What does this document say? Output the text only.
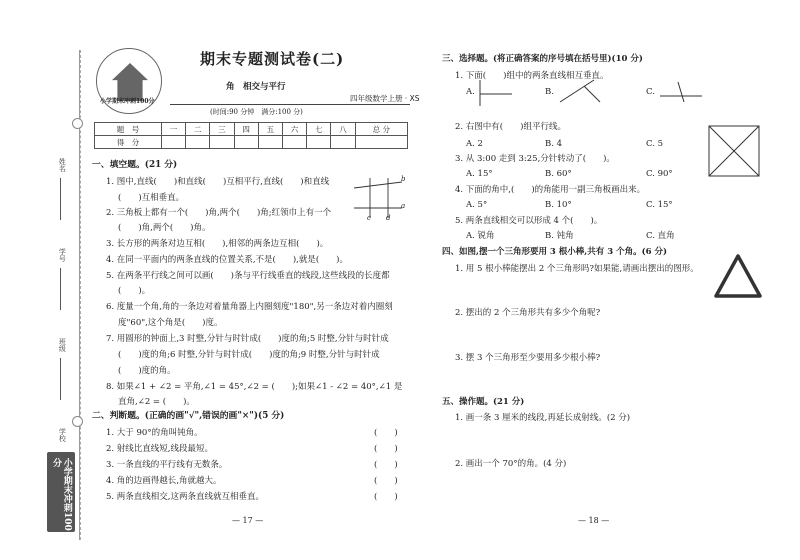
姓名
学号
班级
学校
小学期末冲刺100分
小学期末冲刺100分
期末专题测试卷(二)
角　相交与平行
四年级数学上册 · XS
(时间:90 分钟　满分:100 分)
题　号	一	二	三	四	五	六	七	八	总 分
得　分									
一、填空题。(21 分)
1. 图中,直线(　　)和直线(　　)互相平行,直线(　　)和直线
(　　)互相垂直。
b
a
c d
2. 三角板上都有一个(　　)角,两个(　　)角;红领巾上有一个
(　　)角,两个(　　)角。
3. 长方形的两条对边互相(　　),相邻的两条边互相(　　)。
4. 在同一平面内的两条直线的位置关系,不是(　　),就是(　　)。
5. 在两条平行线之间可以画(　　)条与平行线垂直的线段,这些线段的长度都
(　　)。
6. 度量一个角,角的一条边对着量角器上内圈刻度"180",另一条边对着内圈刻
度"60",这个角是(　　)度。
7. 用圆形的钟面上,3 时整,分针与时针成(　　)度的角;5 时整,分针与时针成
(　　)度的角;6 时整,分针与时针成(　　)度的角;9 时整,分针与时针成
(　　)度的角。
8. 如果∠1 + ∠2 = 平角,∠1 = 45°,∠2 = (　　);如果∠1 - ∠2 = 40°,∠1 是
直角,∠2 = (　　)。
二、判断题。(正确的画"√",错误的画"×")(5 分)
1. 大于 90°的角叫钝角。	(　　)
2. 射线比直线短,线段最短。	(　　)
3. 一条直线的平行线有无数条。	(　　)
4. 角的边画得越长,角就越大。	(　　)
5. 两条直线相交,这两条直线就互相垂直。	(　　)
— 17 —
三、选择题。(将正确答案的序号填在括号里)(10 分)
1. 下面(　　)组中的两条直线相互垂直。
A.	B.	C.
2. 右图中有(　　)组平行线。
A. 2	B. 4	C. 5
3. 从 3:00 走到 3:25,分针转动了(　　)。
A. 15°	B. 60°	C. 90°
4. 下面的角中,(　　)的角能用一副三角板画出来。
A. 5°	B. 10°	C. 15°
5. 两条直线相交可以形成 4 个(　　)。
A. 锐角	B. 钝角	C. 直角
四、如图,摆一个三角形要用 3 根小棒,共有 3 个角。(6 分)
1. 用 5 根小棒能摆出 2 个三角形吗?如果能,请画出摆出的图形。
2. 摆出的 2 个三角形共有多少个角呢?
3. 摆 3 个三角形至少要用多少根小棒?
五、操作题。(21 分)
1. 画一条 3 厘米的线段,再延长成射线。(2 分)
2. 画出一个 70°的角。(4 分)
— 18 —
